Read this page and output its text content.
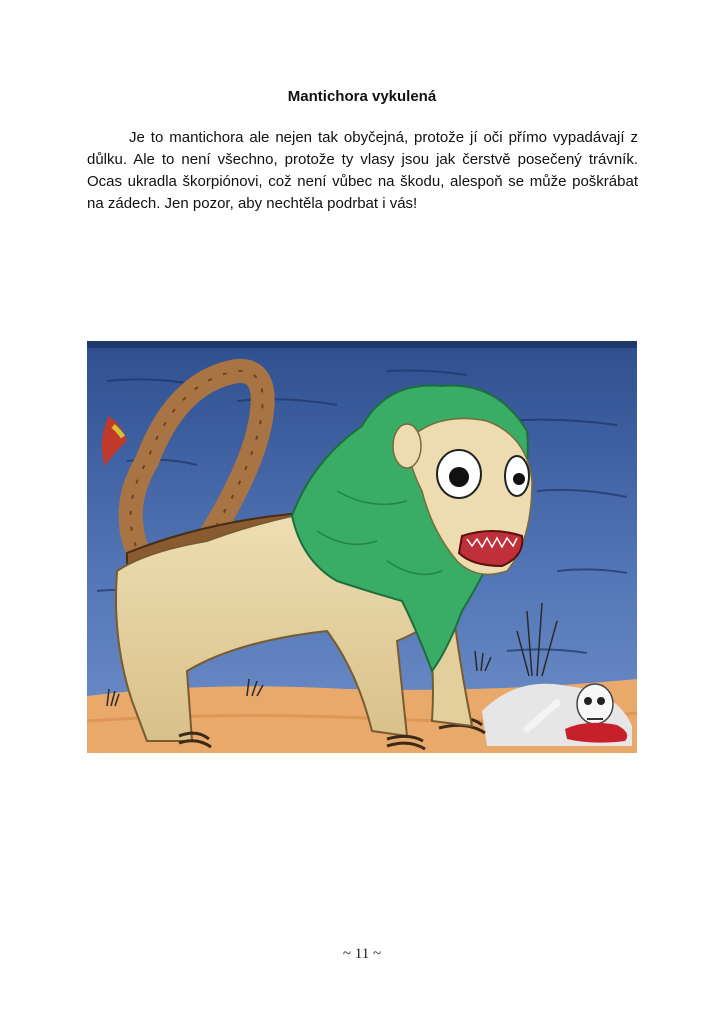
Mantichora vykulená

Je to mantichora ale nejen tak obyčejná, protože jí oči přímo vypadávají z důlku. Ale to není všechno, protože ty vlasy jsou jak čerstvě posečený trávník. Ocas ukradla škorpiónovi, což není vůbec na škodu, alespoň se může poškrábat na zádech. Jen pozor, aby nechtěla podrbat i vás!

~ 11 ~
